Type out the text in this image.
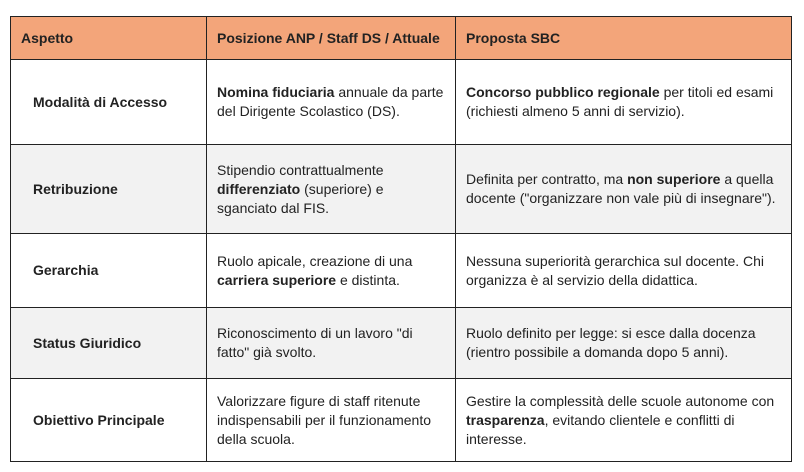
Aspetto	Posizione ANP / Staff DS / Attuale	Proposta SBC
Modalità di Accesso	Nomina fiduciaria annuale da parte del Dirigente Scolastico (DS).	Concorso pubblico regionale per titoli ed esami (richiesti almeno 5 anni di servizio).
Retribuzione	Stipendio contrattualmente differenziato (superiore) e sganciato dal FIS.	Definita per contratto, ma non superiore a quella docente ("organizzare non vale più di insegnare").
Gerarchia	Ruolo apicale, creazione di una carriera superiore e distinta.	Nessuna superiorità gerarchica sul docente. Chi organizza è al servizio della didattica.
Status Giuridico	Riconoscimento di un lavoro "di fatto" già svolto.	Ruolo definito per legge: si esce dalla docenza (rientro possibile a domanda dopo 5 anni).
Obiettivo Principale	Valorizzare figure di staff ritenute indispensabili per il funzionamento della scuola.	Gestire la complessità delle scuole autonome con trasparenza, evitando clientele e conflitti di interesse.
